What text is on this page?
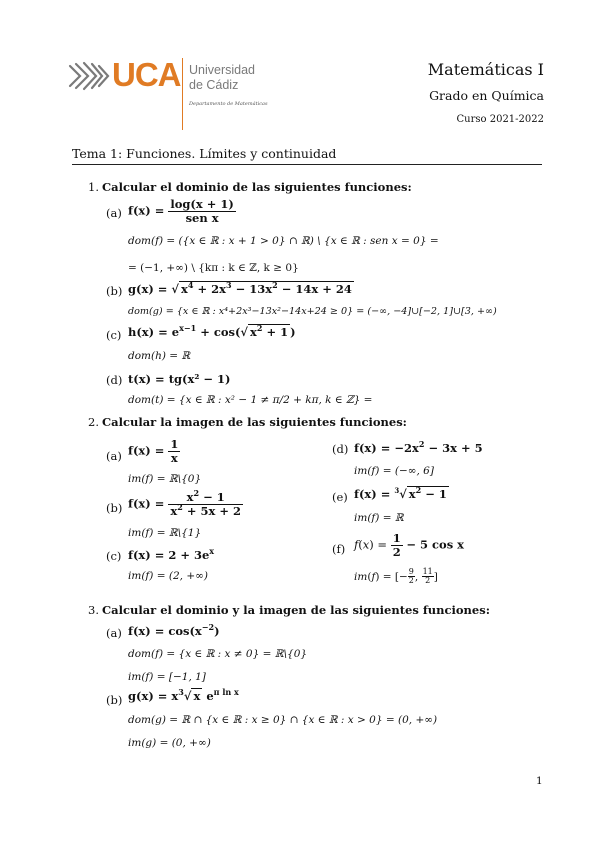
UCA Universidad
de Cádiz
Departamento de Matemáticas
Matemáticas I
Grado en Química
Curso 2021-2022
Tema 1: Funciones. Límites y continuidad
1. Calcular el dominio de las siguientes funciones:
(a) $f(x) = \frac{\log(x + 1)}{\text{sen x}}$
dom(f) = ({x ∈ ℝ : x + 1 > 0} ∩ ℝ) \ {x ∈ ℝ : sen x = 0} =
= (−1, +∞) \ {kπ : k ∈ ℤ, k ≥ 0}
(b) g(x) = √ $x^4 + 2x^3 - 13x^2 - 14x + 24$
dom(g) = {x ∈ ℝ : x⁴+2x³−13x²−14x+24 ≥ 0} = (−∞, −4]∪[−2, 1]∪[3, +∞)
(c) $h(x) = e^{x-1} + \cos(√$ $x^2 + 1$ )
dom(h) = ℝ
(d) t(x) = tg(x² − 1)
dom(t) = {x ∈ ℝ : x² − 1 ≠ π/2 + kπ, k ∈ ℤ} =
2. Calcular la imagen de las siguientes funciones:
(a) $f(x) = \frac{1}{x}$
im(f) = ℝ\{0}
(b) $f(x) = \frac{x^2 - 1}{x^2 + 5x + 2}$
im(f) = ℝ\{1}
(c) $f(x) = 2 + 3e^x$
im(f) = (2, +∞)
(d) $f(x) = -2x^2 - 3x + 5$
im(f) = (−∞, 6]
(e) f(x) = $^3$√ $x^2 - 1$
im(f) = ℝ
(f) $f(x) = \frac{1}{2} - 5$ cos x
im(f) = [− $\frac{9}{2}$ , $\frac{11}{2}$ ]
3. Calcular el dominio y la imagen de las siguientes funciones:
(a) $f(x) = \cos(x^{-2})$
dom(f) = {x ∈ ℝ : x ≠ 0} = ℝ\{0}
im(f) = [−1, 1]
(b) $g(x) = x^3√$ x $e^{\pi ln x}$
dom(g) = ℝ ∩ {x ∈ ℝ : x ≥ 0} ∩ {x ∈ ℝ : x > 0} = (0, +∞)
im(g) = (0, +∞)
1
